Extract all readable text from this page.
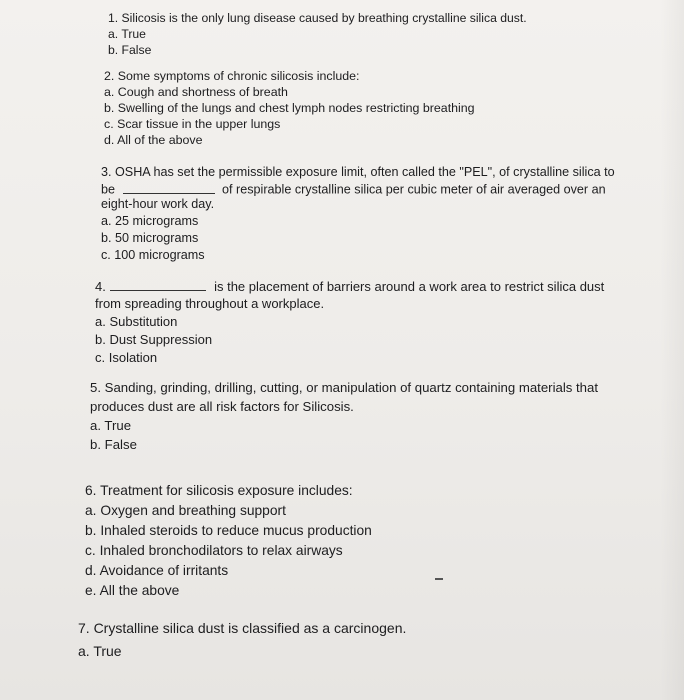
1. Silicosis is the only lung disease caused by breathing crystalline silica dust.
a. True
b. False
2. Some symptoms of chronic silicosis include:
a. Cough and shortness of breath
b. Swelling of the lungs and chest lymph nodes restricting breathing
c. Scar tissue in the upper lungs
d. All of the above
3. OSHA has set the permissible exposure limit, often called the "PEL", of crystalline silica to
be	of respirable crystalline silica per cubic meter of air averaged over an
eight-hour work day.
a. 25 micrograms
b. 50 micrograms
c. 100 micrograms
4.	is the placement of barriers around a work area to restrict silica dust
from spreading throughout a workplace.
a. Substitution
b. Dust Suppression
c. Isolation
5. Sanding, grinding, drilling, cutting, or manipulation of quartz containing materials that
produces dust are all risk factors for Silicosis.
a. True
b. False
6. Treatment for silicosis exposure includes:
a. Oxygen and breathing support
b. Inhaled steroids to reduce mucus production
c. Inhaled bronchodilators to relax airways
d. Avoidance of irritants
e. All the above
7. Crystalline silica dust is classified as a carcinogen.
a. True
